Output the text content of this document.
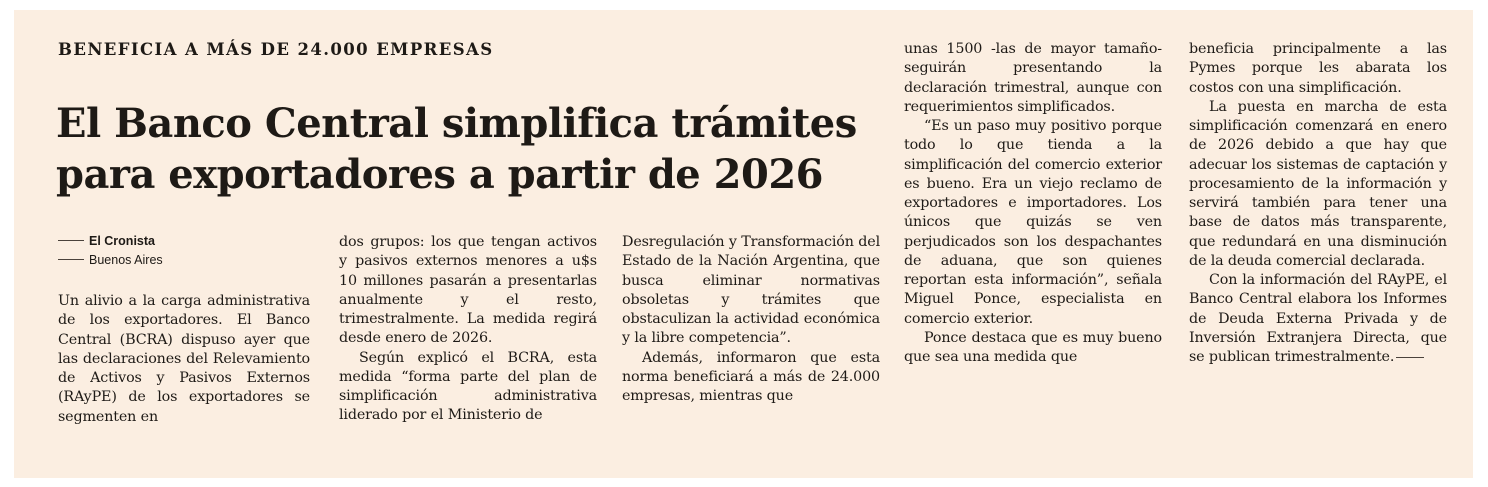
BENEFICIA A MÁS DE 24.000 EMPRESAS
El Banco Central simplifica trámites
para exportadores a partir de 2026
El Cronista
Buenos Aires

Un alivio a la carga administrativa de los exportadores. El Banco Central (BCRA) dispuso ayer que las declaraciones del Relevamiento de Activos y Pasivos Externos (RAyPE) de los exportadores se segmenten en

dos grupos: los que tengan activos y pasivos externos menores a u$s 10 millones pasarán a presentarlas anualmente y el resto, trimestralmente. La medida regirá desde enero de 2026.

Según explicó el BCRA, esta medida “forma parte del plan de simplificación administrativa liderado por el Ministerio de

Desregulación y Transformación del Estado de la Nación Argentina, que busca eliminar normativas obsoletas y trámites que obstaculizan la actividad económica y la libre competencia”.

Además, informaron que esta norma beneficiará a más de 24.000 empresas, mientras que

unas 1500 -las de mayor tamaño- seguirán presentando la declaración trimestral, aunque con requerimientos simplificados.

“Es un paso muy positivo porque todo lo que tienda a la simplificación del comercio exterior es bueno. Era un viejo reclamo de exportadores e importadores. Los únicos que quizás se ven perjudicados son los despachantes de aduana, que son quienes reportan esta información”, señala Miguel Ponce, especialista en comercio exterior.

Ponce destaca que es muy bueno que sea una medida que

beneficia principalmente a las Pymes porque les abarata los costos con una simplificación.

La puesta en marcha de esta simplificación comenzará en enero de 2026 debido a que hay que adecuar los sistemas de captación y procesamiento de la información y servirá también para tener una base de datos más transparente, que redundará en una disminución de la deuda comercial declarada.

Con la información del RAyPE, el Banco Central elabora los Informes de Deuda Externa Privada y de Inversión Extranjera Directa, que se publican trimestralmente.
